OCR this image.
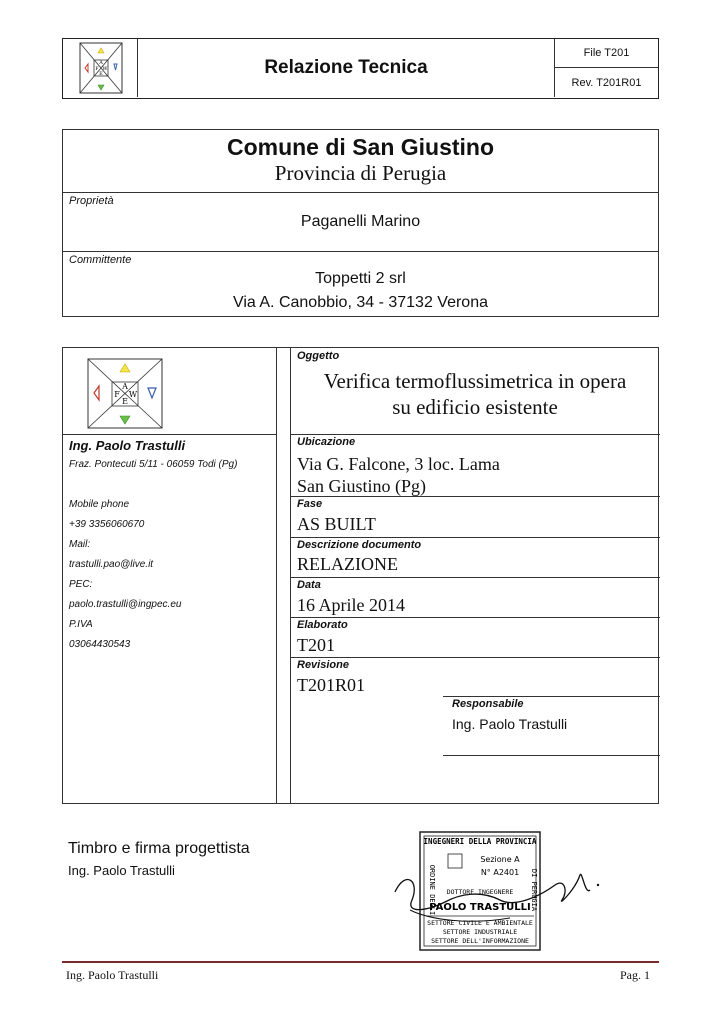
A
F W
E	Relazione Tecnica
File T201
Rev. T201R01
Comune di San Giustino
Provincia di Perugia
Proprietà
Paganelli Marino
Committente
Toppetti 2 srl
Via A. Canobbio, 34 - 37132 Verona
A
F W
E
Ing. Paolo Trastulli
Fraz. Pontecuti 5/11 - 06059 Todi (Pg)
Mobile phone
+39 3356060670
Mail:
trastulli.pao@live.it
PEC:
paolo.trastulli@ingpec.eu
P.IVA
03064430543
Oggetto
Verifica termoflussimetrica in opera
su edificio esistente
Ubicazione
Via G. Falcone, 3 loc. Lama
San Giustino (Pg)
Fase
AS BUILT
Descrizione documento
RELAZIONE
Data
16 Aprile 2014
Elaborato
T201
Revisione
T201R01
Responsabile
Ing. Paolo Trastulli
Timbro e firma progettista
Ing. Paolo Trastulli
INGEGNERI DELLA PROVINCIA
ORDINE DEGLI	DI PERUGIA
Sezione A
N° A2401
DOTTORE INGEGNERE
PAOLO TRASTULLI
SETTORE CIVILE E AMBIENTALE
SETTORE INDUSTRIALE
SETTORE DELL'INFORMAZIONE
Ing. Paolo Trastulli	Pag. 1
